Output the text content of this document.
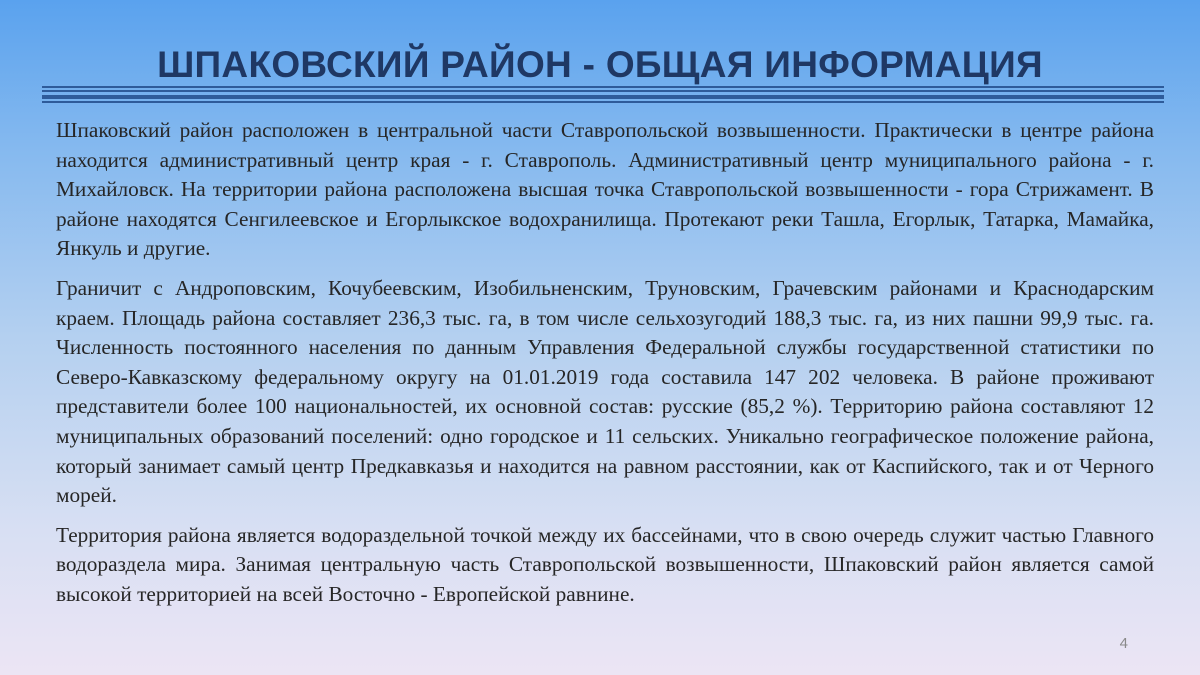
ШПАКОВСКИЙ РАЙОН - ОБЩАЯ ИНФОРМАЦИЯ

Шпаковский район расположен в центральной части Ставропольской возвышенности. Практически в центре района находится административный центр края - г. Ставрополь. Административный центр муниципального района - г. Михайловск. На территории района расположена высшая точка Ставропольской возвышенности - гора Стрижамент. В районе находятся Сенгилеевское и Егорлыкское водохранилища. Протекают реки Ташла, Егорлык, Татарка, Мамайка, Янкуль и другие.

Граничит с Андроповским, Кочубеевским, Изобильненским, Труновским, Грачевским районами и Краснодарским краем. Площадь района составляет 236,3 тыс. га, в том числе сельхозугодий 188,3 тыс. га, из них пашни 99,9 тыс. га. Численность постоянного населения по данным Управления Федеральной службы государственной статистики по Северо-Кавказскому федеральному округу на 01.01.2019 года составила 147 202 человека. В районе проживают представители более 100 национальностей, их основной состав: русские (85,2 %). Территорию района составляют 12 муниципальных образований поселений: одно городское и 11 сельских. Уникально географическое положение района, который занимает самый центр Предкавказья и находится на равном расстоянии, как от Каспийского, так и от Черного морей.

Территория района является водораздельной точкой между их бассейнами, что в свою очередь служит частью Главного водораздела мира. Занимая центральную часть Ставропольской возвышенности, Шпаковский район является самой высокой территорией на всей Восточно - Европейской равнине.

4
